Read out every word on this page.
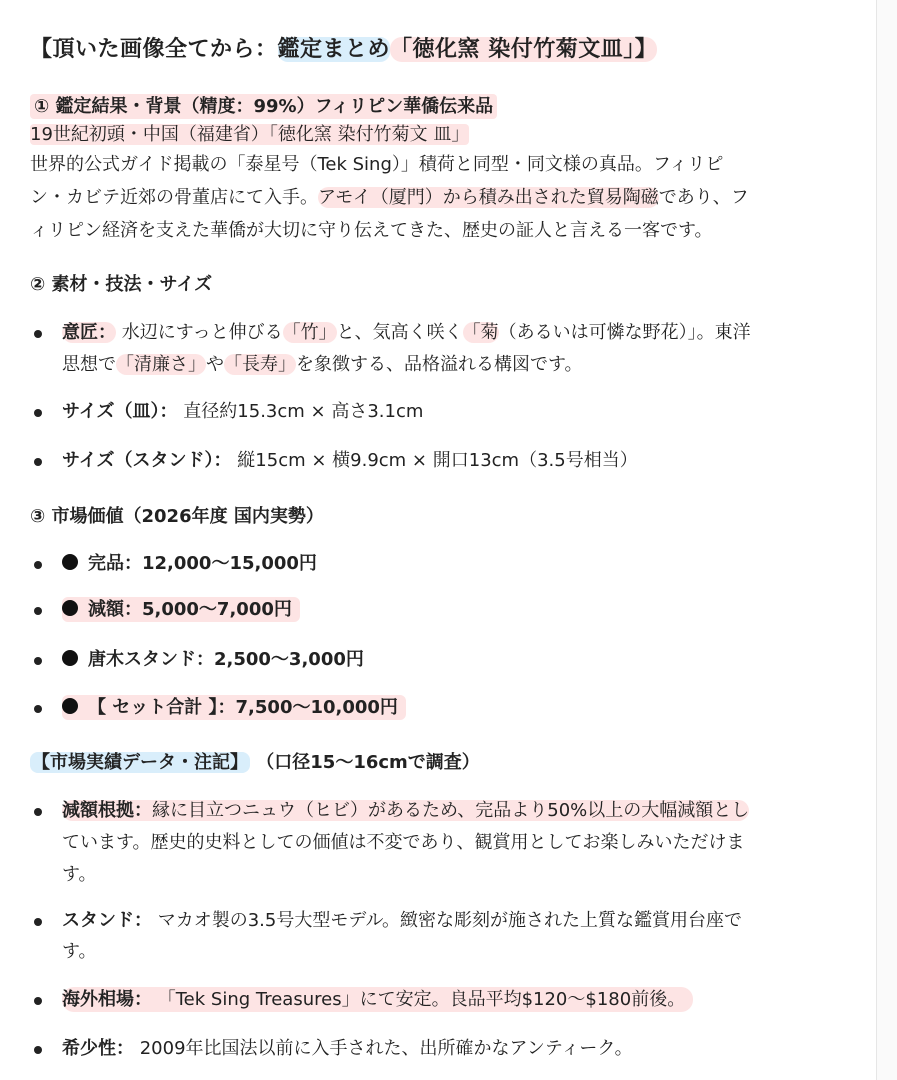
【頂いた画像全てから：鑑定まとめ「徳化窯 染付竹菊文皿」】
① 鑑定結果・背景（精度：99%）フィリピン華僑伝来品
19世紀初頭・中国（福建省）「徳化窯 染付竹菊文 皿」
世界的公式ガイド掲載の「泰星号（Tek Sing）」積荷と同型・同文様の真品。フィリピ
ン・カビテ近郊の骨董店にて入手。アモイ（厦門）から積み出された貿易陶磁であり、フ
ィリピン経済を支えた華僑が大切に守り伝えてきた、歴史の証人と言える一客です。
② 素材・技法・サイズ
意匠： 水辺にすっと伸びる「竹」と、気高く咲く「菊（あるいは可憐な野花）」。東洋
思想で「清廉さ」や「長寿」を象徴する、品格溢れる構図です。
サイズ（皿）： 直径約15.3cm × 高さ3.1cm
サイズ（スタンド）： 縦15cm × 横9.9cm × 開口13cm（3.5号相当）
③ 市場価値（2026年度 国内実勢）
完品：12,000〜15,000円
減額：5,000〜7,000円
唐木スタンド：2,500〜3,000円
【 セット合計 】：7,500〜10,000円
【市場実績データ・注記】 （口径15〜16cmで調査）
減額根拠：縁に目立つニュウ（ヒビ）があるため、完品より50%以上の大幅減額とし
ています。歴史的史料としての価値は不変であり、観賞用としてお楽しみいただけま
す。
スタンド： マカオ製の3.5号大型モデル。緻密な彫刻が施された上質な鑑賞用台座で
す。
海外相場： 「Tek Sing Treasures」にて安定。良品平均$120〜$180前後。
希少性： 2009年比国法以前に入手された、出所確かなアンティーク。
